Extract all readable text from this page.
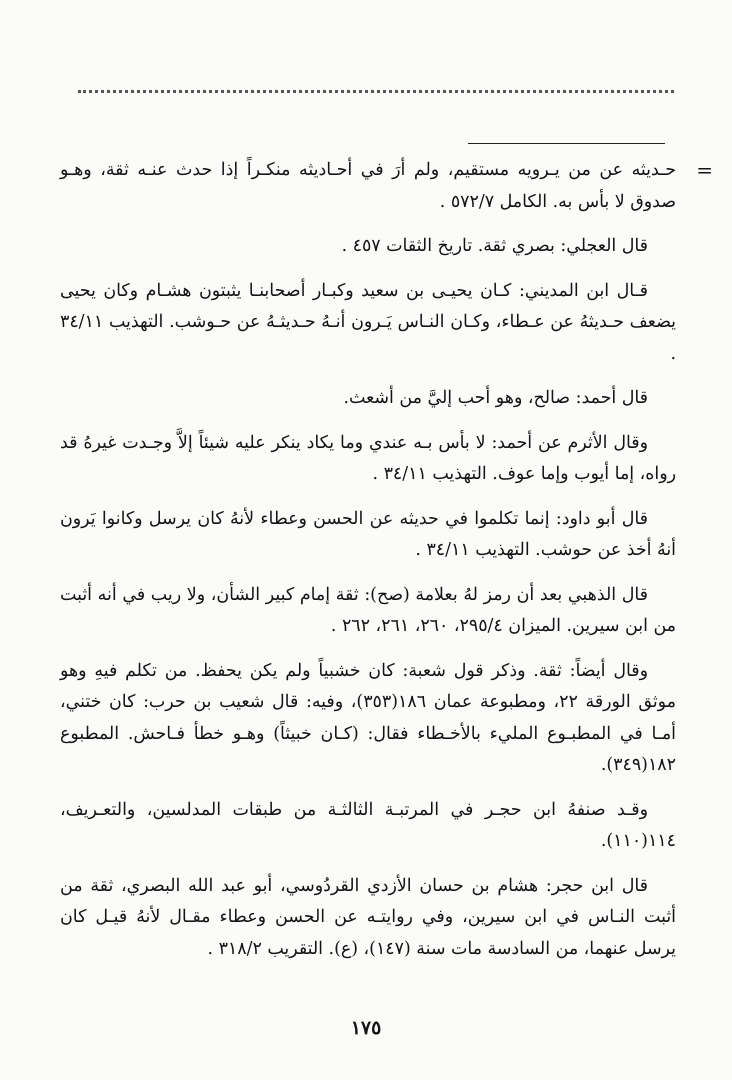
=

حـديثه عن من يـرويه مستقيم، ولم أرَ في أحـاديثه منكـراً إذا حدث عنـه ثقة، وهـو صدوق لا بأس به. الكامل ٥٧٢/٧ .

قال العجلي: بصري ثقة. تاريخ الثقات ٤٥٧ .

قـال ابن المديني: كـان يحيـى بن سعيد وكبـار أصحابنـا يثبتون هشـام وكان يحيى يضعف حـديثهُ عن عـطاء، وكـان النـاس يَـرون أنـهُ حـديثـهُ عن حـوشب. التهذيب ٣٤/١١ .

قال أحمد: صالح، وهو أحب إليَّ من أشعث.

وقال الأثرم عن أحمد: لا بأس بـه عندي وما يكاد ينكر عليه شيئاً إلاَّ وجـدت غيرهُ قد رواه، إما أيوب وإما عوف. التهذيب ٣٤/١١ .

قال أبو داود: إنما تكلموا في حديثه عن الحسن وعطاء لأنهُ كان يرسل وكانوا يَرون أنهُ أخذ عن حوشب. التهذيب ٣٤/١١ .

قال الذهبي بعد أن رمز لهُ بعلامة (صح): ثقة إمام كبير الشأن، ولا ريب في أنه أثبت من ابن سيرين. الميزان ٢٩٥/٤، ٢٦٠، ٢٦١، ٢٦٢ .

وقال أيضاً: ثقة. وذكر قول شعبة: كان خشبياً ولم يكن يحفظ. من تكلم فيهِ وهو موثق الورقة ٢٢، ومطبوعة عمان ١٨٦(٣٥٣)، وفيه: قال شعيب بن حرب: كان ختني، أمـا في المطبـوع المليء بالأخـطاء فقال: (كـان خبيثاً) وهـو خطأ فـاحش. المطبوع ١٨٢(٣٤٩).

وقـد صنفهُ ابن حجـر في المرتبـة الثالثـة من طبقات المدلسين، والتعـريف، ١١٤(١١٠).

قال ابن حجر: هشام بن حسان الأزدي القردُوسي، أبو عبد الله البصري، ثقة من أثبت النـاس في ابن سيرين، وفي روايتـه عن الحسن وعطاء مقـال لأنهُ قيـل كان يرسل عنهما، من السادسة مات سنة (١٤٧)، (ع). التقريب ٣١٨/٢ .

١٧٥
